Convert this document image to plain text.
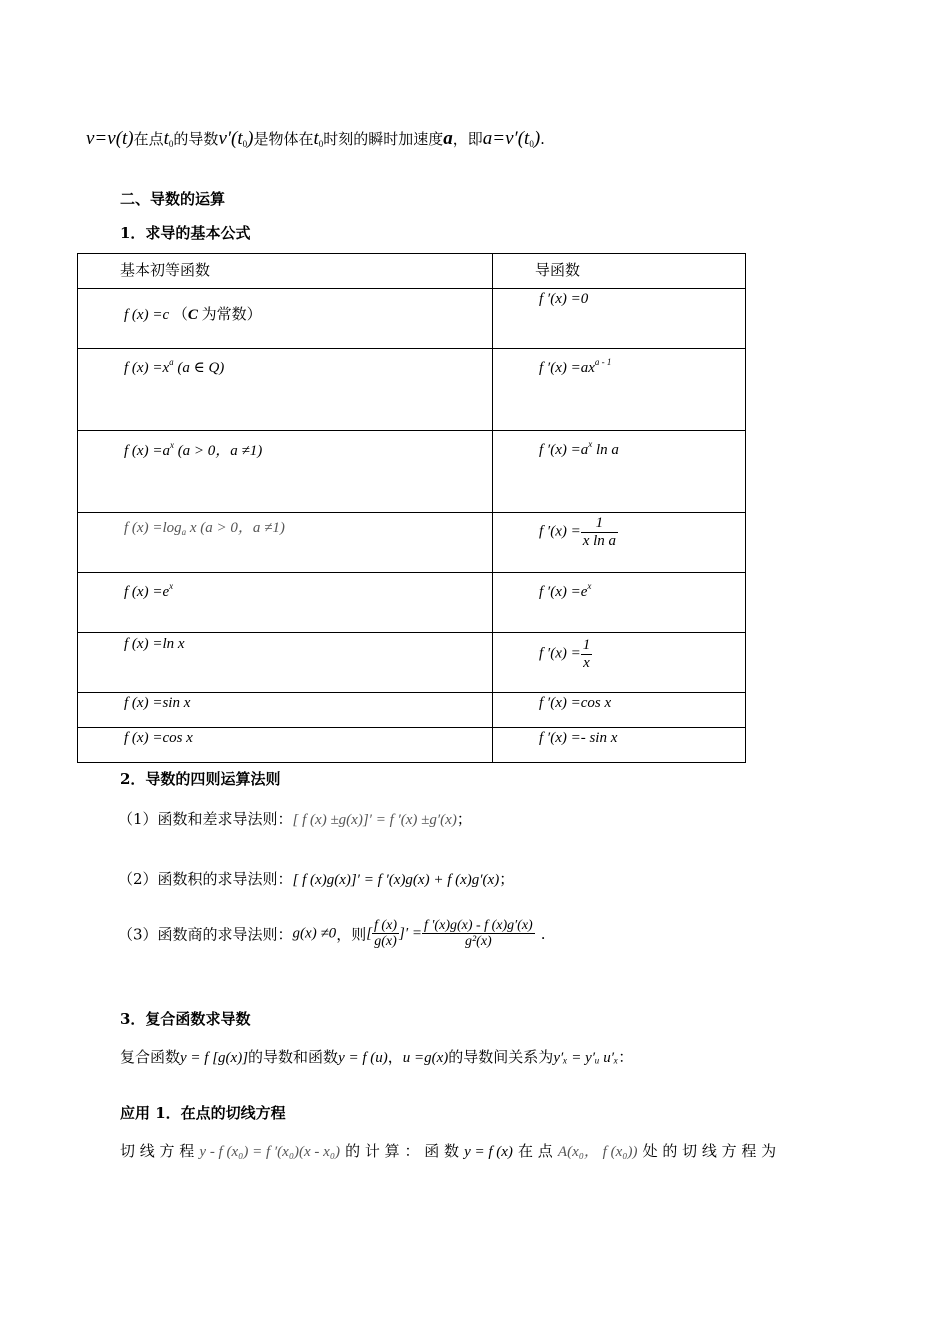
v=v(t)在点$t_0$的导数$v'(t_0)$是物体在$t_0$时刻的瞬时加速度a，即$a=v'(t_0)$.
二、导数的运算
1．求导的基本公式
基本初等函数	导函数

f (x) =c （C 为常数）	f ′(x) =0

f $(x) =x^a$ (a ∈ Q)	f $'(x) =ax^{a - 1}$

f $(x) =a^x$ (a > 0，a ≠1)	f $'(x) =a^x$ ln a

f $(x) =\log_a$ x (a > 0，a ≠1)	f $'(x) = \frac{1}{\text{x ln a}}$

f $(x) =e^x$	f $'(x) =e^x$

f (x) =ln x	f $'(x) = \frac{1}{x}$

f (x) =sin x	f ′(x) =cos x

f (x) =cos x	f ′(x) =- sin x
2．导数的四则运算法则
（1）函数和差求导法则：[ f (x) ±g(x)]′ = f ′(x) ±g′(x)；
（2）函数积的求导法则：[ f (x)g(x)]′ = f ′(x)g(x) + f (x)g′(x)；
（3）函数商的求导法则：g(x) ≠0，则[ $\frac{f (x)}{g(x)}$ ]′ = $\frac{f '(x)g(x) - f (x)g'(x)}{\text{g²(x)}}$ .
3．复合函数求导数
复合函数y = f [g(x)]的导数和函数y = f (u)，u =g(x)的导数间关系为y′ₓ = y′ᵤ u′ₓ：
应用 1．在点的切线方程
切 线 方 程 y - f (x₀) = f ′(x₀)(x - x₀) 的 计 算 ： 函 数 y = f (x) 在 点 A(x₀， f (x₀)) 处 的 切 线 方 程 为
